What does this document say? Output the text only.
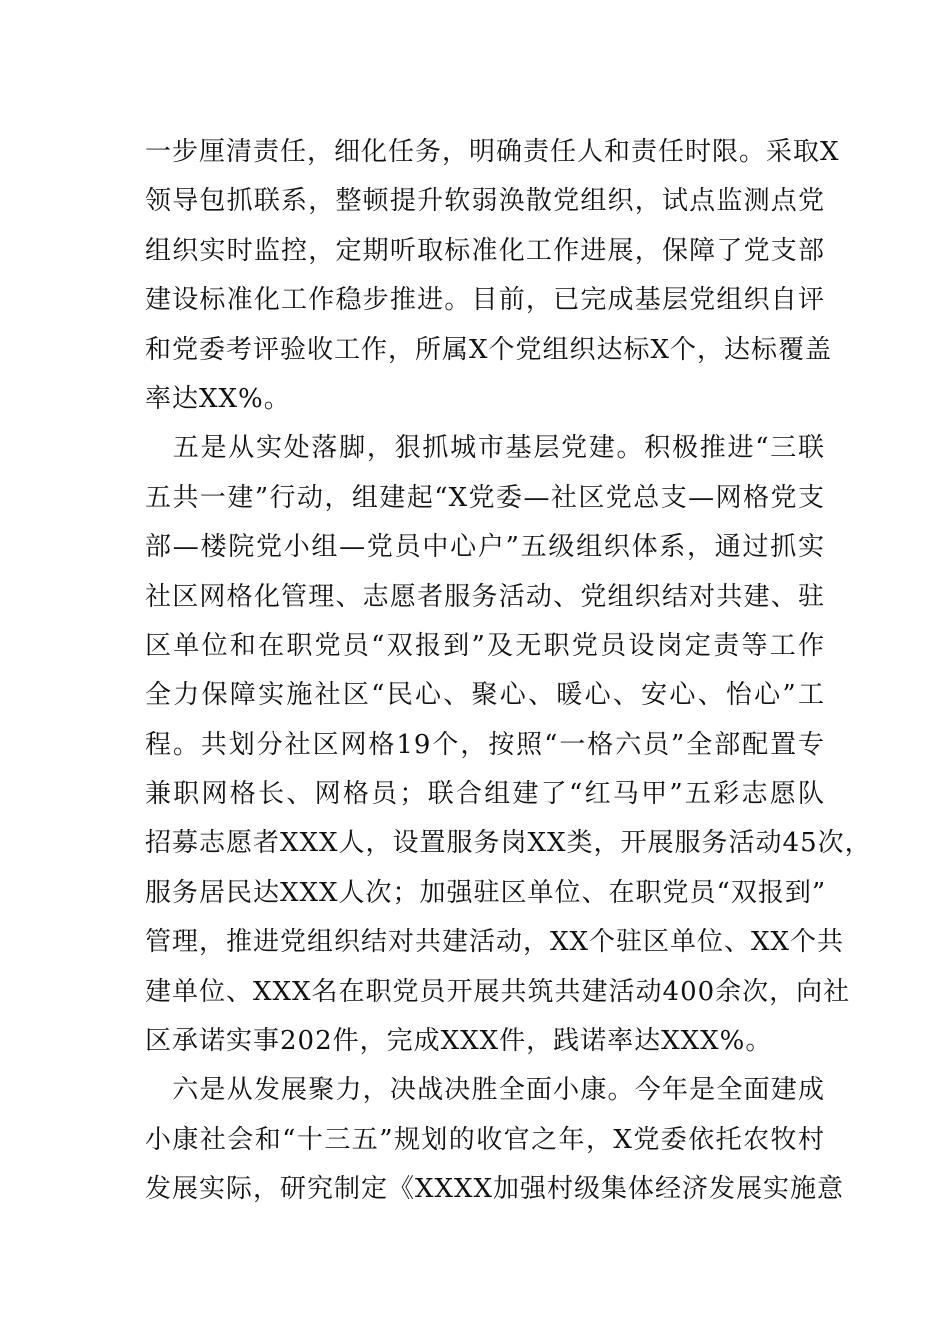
一步厘清责任，细化任务，明确责任人和责任时限。采取X
领导包抓联系，整顿提升软弱涣散党组织，试点监测点党
组织实时监控，定期听取标准化工作进展，保障了党支部
建设标准化工作稳步推进。目前，已完成基层党组织自评
和党委考评验收工作，所属X个党组织达标X个，达标覆盖
率达XX%。
　五是从实处落脚，狠抓城市基层党建。积极推进“三联
五共一建”行动，组建起“X党委—社区党总支—网格党支
部—楼院党小组—党员中心户”五级组织体系，通过抓实
社区网格化管理、志愿者服务活动、党组织结对共建、驻
区单位和在职党员“双报到”及无职党员设岗定责等工作
全力保障实施社区“民心、聚心、暖心、安心、怡心”工
程。共划分社区网格19个，按照“一格六员”全部配置专
兼职网格长、网格员；联合组建了“红马甲”五彩志愿队
招募志愿者XXX人，设置服务岗XX类，开展服务活动45次，
服务居民达XXX人次；加强驻区单位、在职党员“双报到”
管理，推进党组织结对共建活动，XX个驻区单位、XX个共
建单位、XXX名在职党员开展共筑共建活动400余次，向社
区承诺实事202件，完成XXX件，践诺率达XXX%。
　六是从发展聚力，决战决胜全面小康。今年是全面建成
小康社会和“十三五”规划的收官之年，X党委依托农牧村
发展实际，研究制定《XXXX加强村级集体经济发展实施意
